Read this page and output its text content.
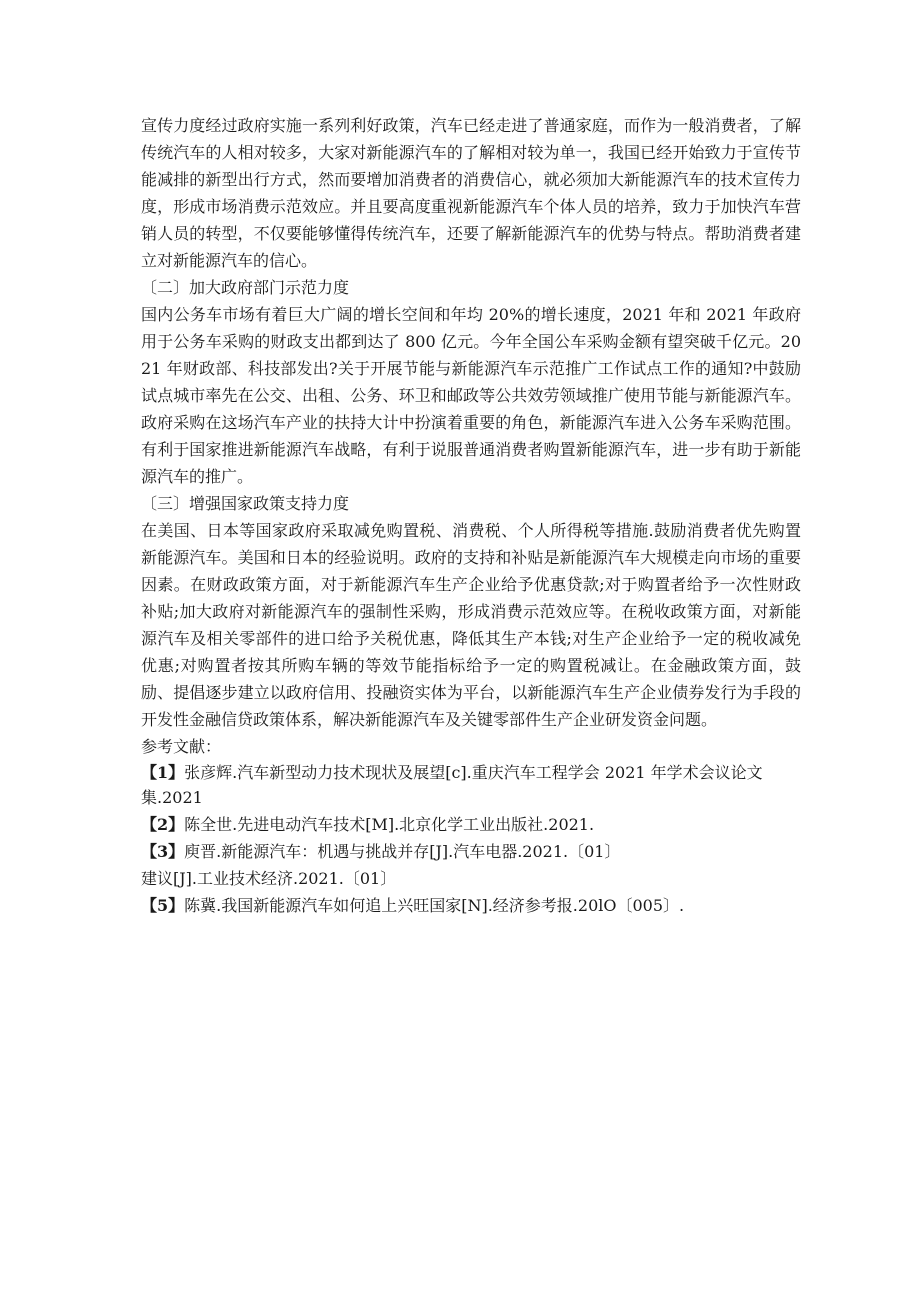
宣传力度经过政府实施一系列利好政策，汽车已经走进了普通家庭，而作为一般消费者，了解传统汽车的人相对较多，大家对新能源汽车的了解相对较为单一，我国已经开始致力于宣传节能减排的新型出行方式，然而要增加消费者的消费信心，就必须加大新能源汽车的技术宣传力度，形成市场消费示范效应。并且要高度重视新能源汽车个体人员的培养，致力于加快汽车营销人员的转型，不仅要能够懂得传统汽车，还要了解新能源汽车的优势与特点。帮助消费者建立对新能源汽车的信心。

〔二〕加大政府部门示范力度

国内公务车市场有着巨大广阔的增长空间和年均 20%的增长速度，2021 年和 2021 年政府用于公务车采购的财政支出都到达了 800 亿元。今年全国公车采购金额有望突破千亿元。2021 年财政部、科技部发出?关于开展节能与新能源汽车示范推广工作试点工作的通知?中鼓励试点城市率先在公交、出租、公务、环卫和邮政等公共效劳领域推广使用节能与新能源汽车。政府采购在这场汽车产业的扶持大计中扮演着重要的角色，新能源汽车进入公务车采购范围。有利于国家推进新能源汽车战略，有利于说服普通消费者购置新能源汽车，进一步有助于新能源汽车的推广。

〔三〕增强国家政策支持力度

在美国、日本等国家政府采取减免购置税、消费税、个人所得税等措施.鼓励消费者优先购置新能源汽车。美国和日本的经验说明。政府的支持和补贴是新能源汽车大规模走向市场的重要因素。在财政政策方面，对于新能源汽车生产企业给予优惠贷款;对于购置者给予一次性财政补贴;加大政府对新能源汽车的强制性采购，形成消费示范效应等。在税收政策方面，对新能源汽车及相关零部件的进口给予关税优惠，降低其生产本钱;对生产企业给予一定的税收减免优惠;对购置者按其所购车辆的等效节能指标给予一定的购置税减让。在金融政策方面，鼓励、提倡逐步建立以政府信用、投融资实体为平台，以新能源汽车生产企业债券发行为手段的开发性金融信贷政策体系，解决新能源汽车及关键零部件生产企业研发资金问题。

参考文献：

【1】张彦辉.汽车新型动力技术现状及展望[c].重庆汽车工程学会 2021 年学术会议论文集.2021

【2】陈全世.先进电动汽车技术[M].北京化学工业出版社.2021.

【3】庾晋.新能源汽车：机遇与挑战并存[J].汽车电器.2021.〔01〕

建议[J].工业技术经济.2021.〔01〕

【5】陈冀.我国新能源汽车如何追上兴旺国家[N].经济参考报.20lO〔005〕.
